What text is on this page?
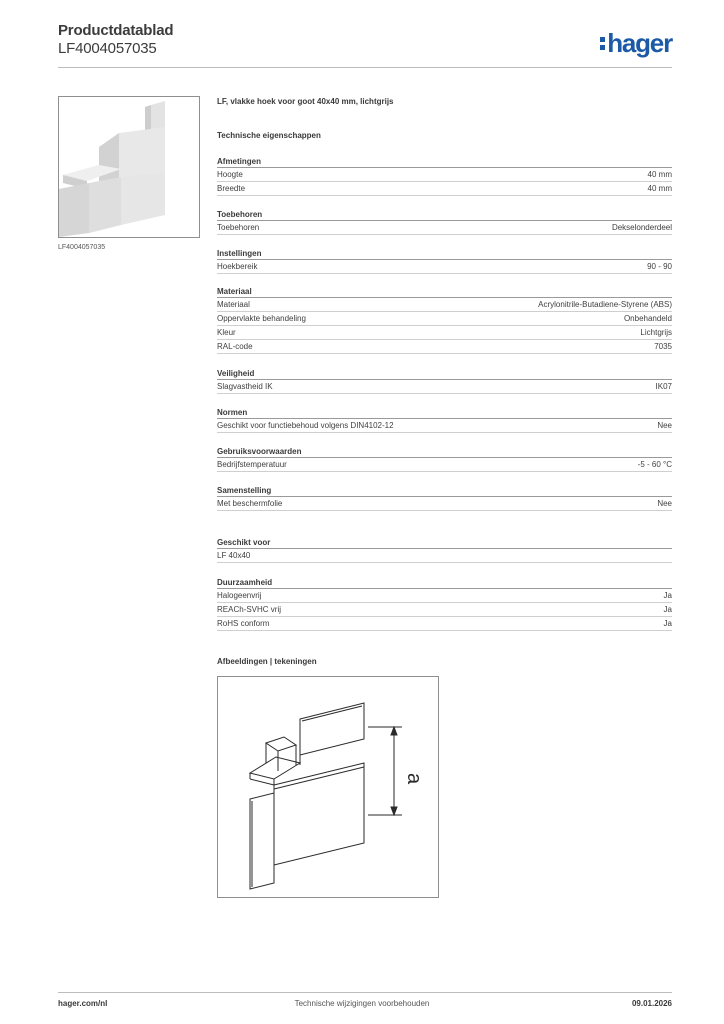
Productdatablad
LF4004057035	hager
LF4004057035
LF, vlakke hoek voor goot 40x40 mm, lichtgrijs
Technische eigenschappen
Afmetingen
Hoogte	40 mm
Breedte	40 mm
Toebehoren
Toebehoren	Dekselonderdeel
Instellingen
Hoekbereik	90 - 90
Materiaal
Materiaal	Acrylonitrile-Butadiene-Styrene (ABS)
Oppervlakte behandeling	Onbehandeld
Kleur	Lichtgrijs
RAL-code	7035
Veiligheid
Slagvastheid IK	IK07
Normen
Geschikt voor functiebehoud volgens DIN4102-12	Nee
Gebruiksvoorwaarden
Bedrijfstemperatuur	-5 - 60 °C
Samenstelling
Met beschermfolie	Nee
Geschikt voor
LF 40x40
Duurzaamheid
Halogeenvrij	Ja
REACh-SVHC vrij	Ja
RoHS conform	Ja
Afbeeldingen | tekeningen
a
hager.com/nl	Technische wijzigingen voorbehouden	09.01.2026
